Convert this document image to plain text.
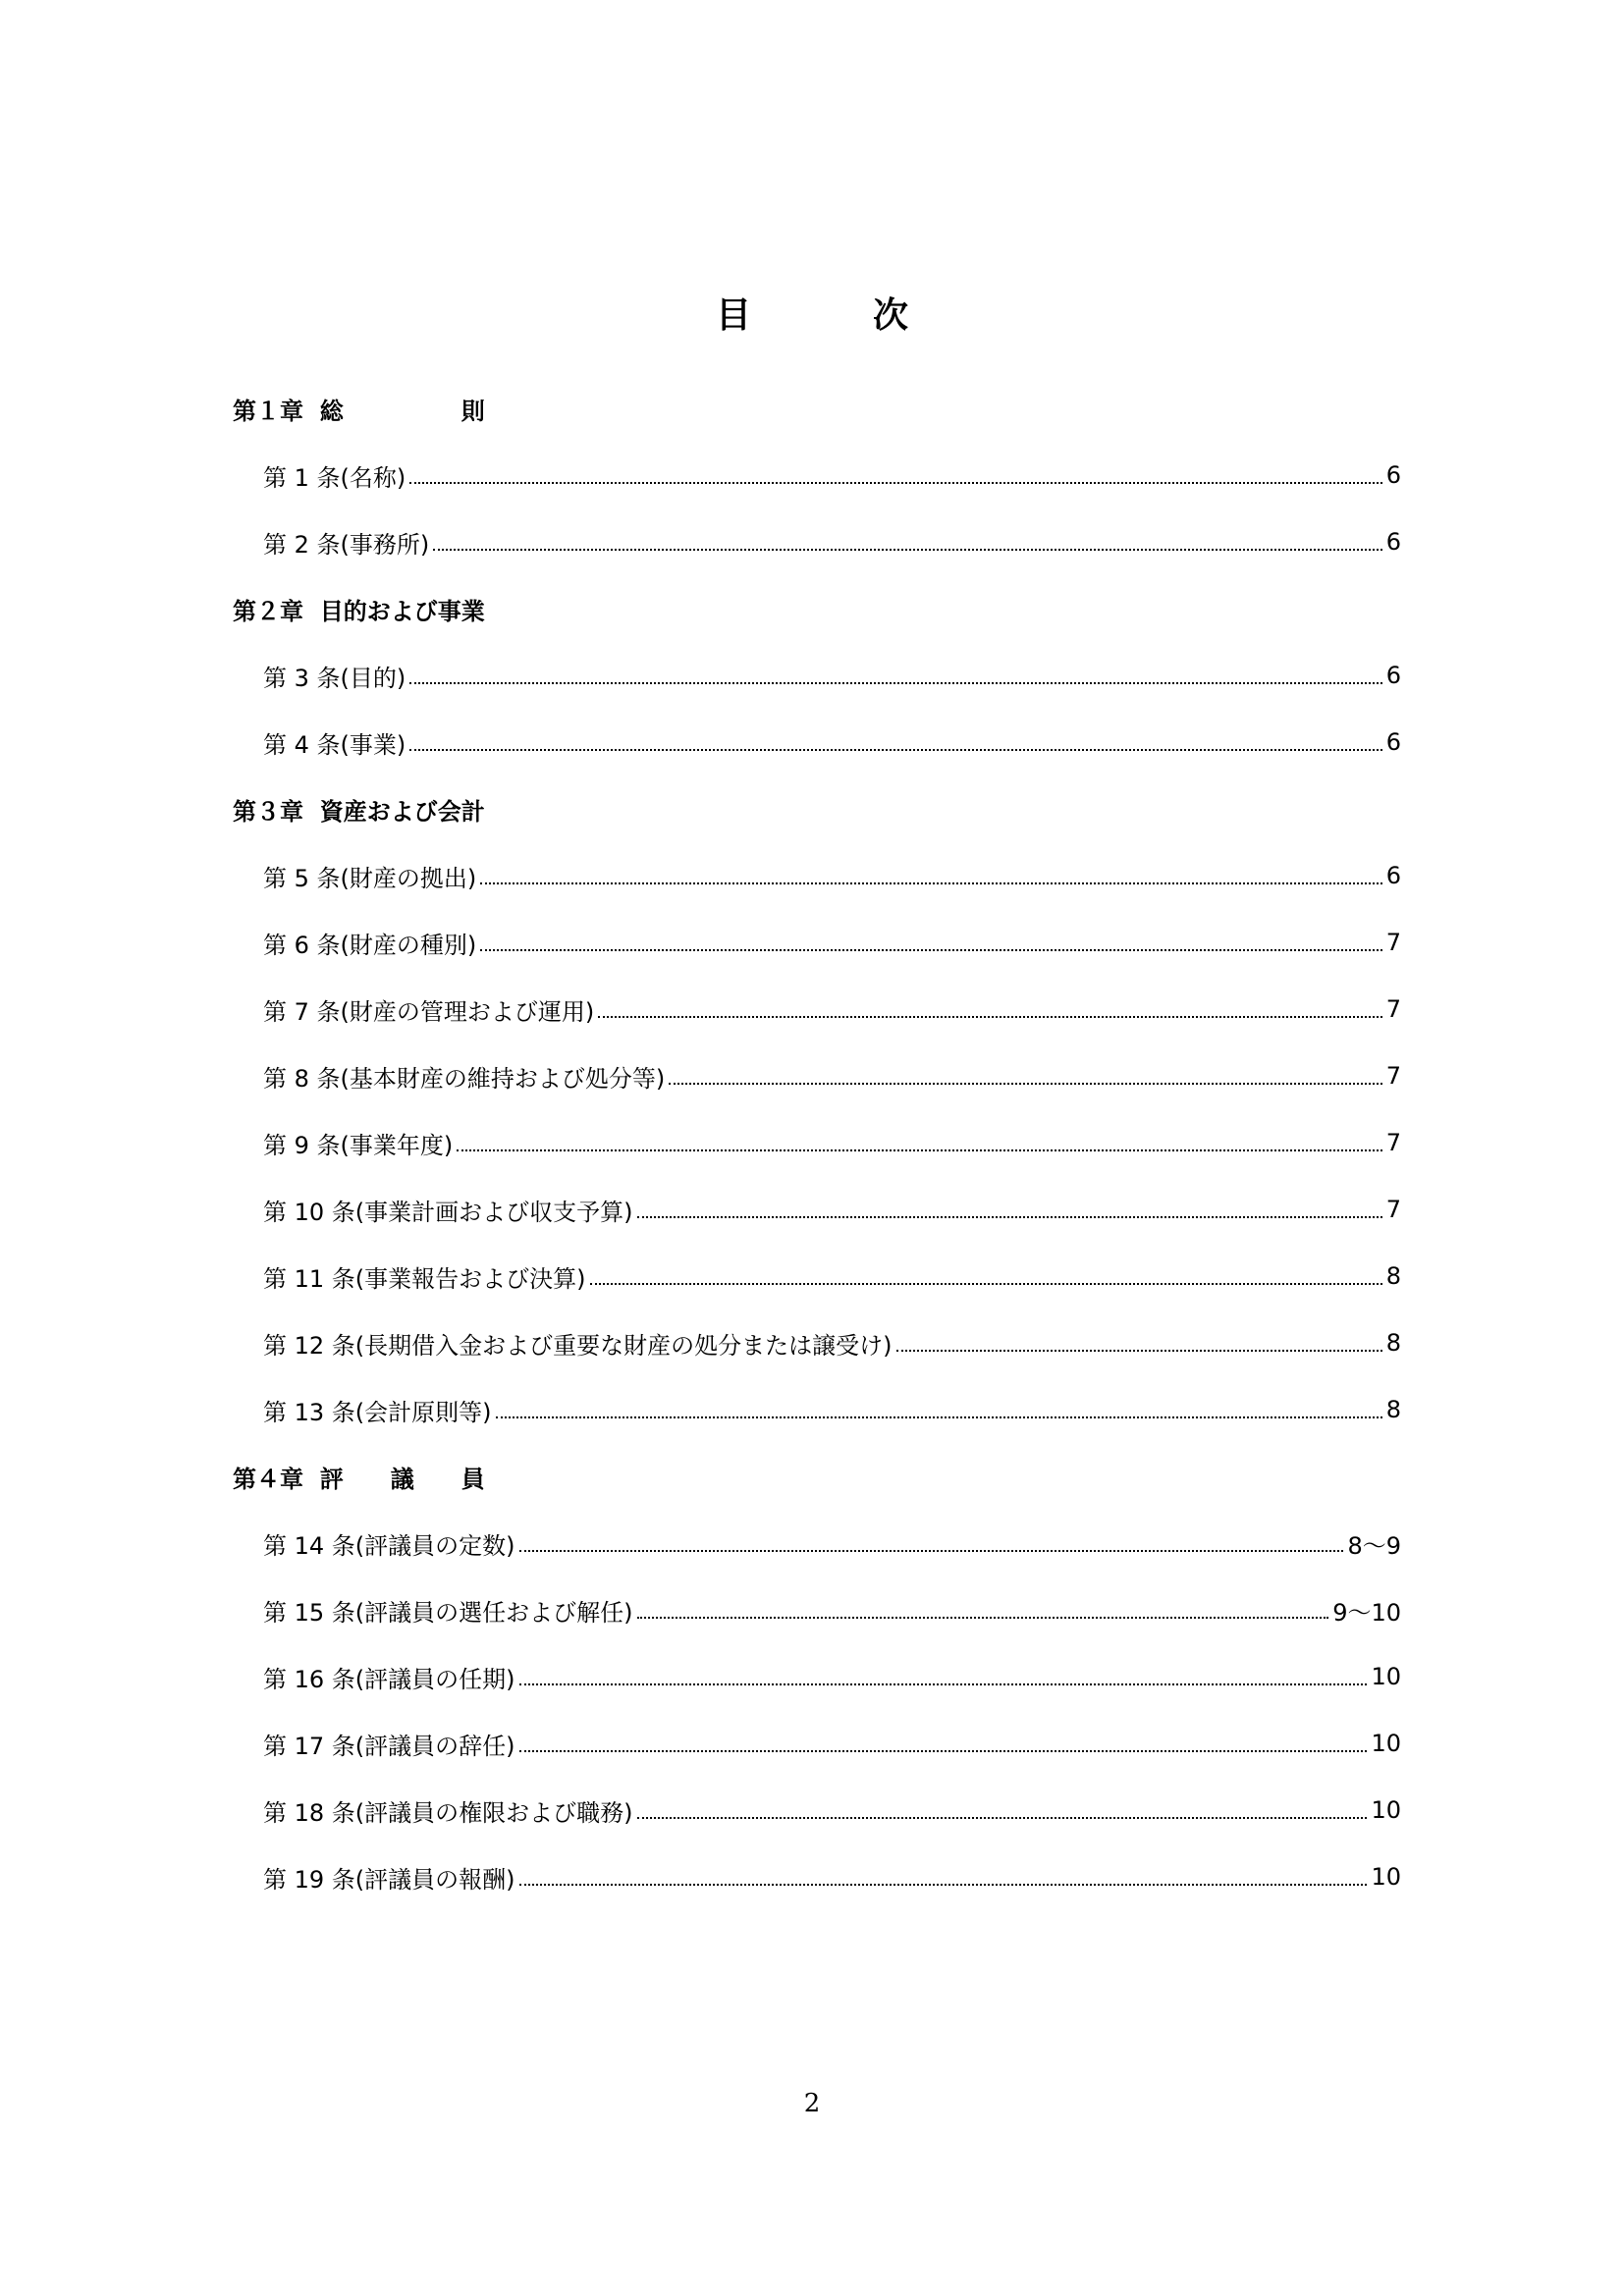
目　次
第１章  総　　　　　則
第 1 条(名称)	6
第 2 条(事務所)	6
第２章  目的および事業
第 3 条(目的)	6
第 4 条(事業)	6
第３章  資産および会計
第 5 条(財産の拠出)	6
第 6 条(財産の種別)	7
第 7 条(財産の管理および運用)	7
第 8 条(基本財産の維持および処分等)	7
第 9 条(事業年度)	7
第 10 条(事業計画および収支予算)	7
第 11 条(事業報告および決算)	8
第 12 条(長期借入金および重要な財産の処分または譲受け)	8
第 13 条(会計原則等)	8
第４章  評　　議　　員
第 14 条(評議員の定数)	8〜9
第 15 条(評議員の選任および解任)	9〜10
第 16 条(評議員の任期)	10
第 17 条(評議員の辞任)	10
第 18 条(評議員の権限および職務)	10
第 19 条(評議員の報酬)	10
2
